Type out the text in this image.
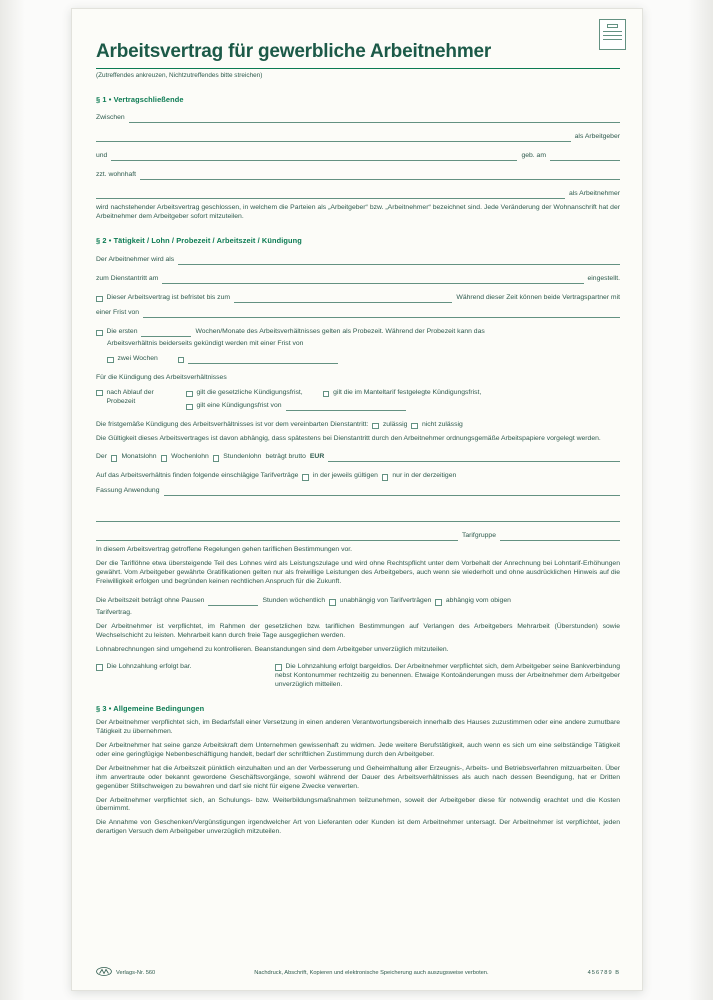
Arbeitsvertrag für gewerbliche Arbeitnehmer
(Zutreffendes ankreuzen, Nichtzutreffendes bitte streichen)
§ 1 • Vertragschließende
Zwischen
als Arbeitgeber
und	geb. am
zzt. wohnhaft
als Arbeitnehmer

wird nachstehender Arbeitsvertrag geschlossen, in welchem die Parteien als „Arbeitgeber“ bzw. „Arbeitnehmer“ bezeichnet sind. Jede Veränderung der Wohnanschrift hat der Arbeitnehmer dem Arbeitgeber sofort mitzuteilen.

§ 2 • Tätigkeit / Lohn / Probezeit / Arbeitszeit / Kündigung
Der Arbeitnehmer wird als
zum Dienstantritt am	eingestellt.
Dieser Arbeitsvertrag ist befristet bis zum	Während dieser Zeit können beide Vertragspartner mit
einer Frist von
Die ersten	Wochen/Monate des Arbeitsverhältnisses gelten als Probezeit. Während der Probezeit kann das
Arbeitsverhältnis beiderseits gekündigt werden mit einer Frist von
zwei Wochen
Für die Kündigung des Arbeitsverhältnisses
nach Ablauf der Probezeit
gilt die gesetzliche Kündigungsfrist,	gilt die im Manteltarif festgelegte Kündigungsfrist,
gilt eine Kündigungsfrist von
Die fristgemäße Kündigung des Arbeitsverhältnisses ist vor dem vereinbarten Dienstantritt: zulässig nicht zulässig

Die Gültigkeit dieses Arbeitsvertrages ist davon abhängig, dass spätestens bei Dienstantritt durch den Arbeitnehmer ordnungsgemäße Arbeitspapiere vorgelegt werden.

Der Monatslohn Wochenlohn Stundenlohn beträgt brutto EUR
Auf das Arbeitsverhältnis finden folgende einschlägige Tarifverträge in der jeweils gültigen nur in der derzeitigen
Fassung Anwendung
Tarifgruppe

In diesem Arbeitsvertrag getroffene Regelungen gehen tariflichen Bestimmungen vor.

Der die Tariflöhne etwa übersteigende Teil des Lohnes wird als Leistungszulage und wird ohne Rechtspflicht unter dem Vorbehalt der Anrechnung bei Lohntarif-Erhöhungen gewährt. Vom Arbeitgeber gewährte Gratifikationen gelten nur als freiwillige Leistungen des Arbeitgebers, auch wenn sie wiederholt und ohne ausdrücklichen Hinweis auf die Freiwilligkeit erfolgen und begründen keinen rechtlichen Anspruch für die Zukunft.

Die Arbeitszeit beträgt ohne Pausen	Stunden wöchentlich unabhängig von Tarifverträgen abhängig vom obigen
Tarifvertrag.

Der Arbeitnehmer ist verpflichtet, im Rahmen der gesetzlichen bzw. tariflichen Bestimmungen auf Verlangen des Arbeitgebers Mehrarbeit (Überstunden) sowie Wechselschicht zu leisten. Mehrarbeit kann durch freie Tage ausgeglichen werden.

Lohnabrechnungen sind umgehend zu kontrollieren. Beanstandungen sind dem Arbeitgeber unverzüglich mitzuteilen.

Die Lohnzahlung erfolgt bar.	Die Lohnzahlung erfolgt bargeldlos. Der Arbeitnehmer verpflichtet sich, dem Arbeitgeber seine Bankverbindung nebst Kontonummer rechtzeitig zu benennen. Etwaige Kontoänderungen muss der Arbeitnehmer dem Arbeitgeber unverzüglich mitteilen.
§ 3 • Allgemeine Bedingungen

Der Arbeitnehmer verpflichtet sich, im Bedarfsfall einer Versetzung in einen anderen Verantwortungsbereich innerhalb des Hauses zuzustimmen oder eine andere zumutbare Tätigkeit zu übernehmen.

Der Arbeitnehmer hat seine ganze Arbeitskraft dem Unternehmen gewissenhaft zu widmen. Jede weitere Berufstätigkeit, auch wenn es sich um eine selbständige Tätigkeit oder eine geringfügige Nebenbeschäftigung handelt, bedarf der schriftlichen Zustimmung durch den Arbeitgeber.

Der Arbeitnehmer hat die Arbeitszeit pünktlich einzuhalten und an der Verbesserung und Geheimhaltung aller Erzeugnis-, Arbeits- und Betriebsverfahren mitzuarbeiten. Über ihm anvertraute oder bekannt gewordene Geschäftsvorgänge, sowohl während der Dauer des Arbeitsverhältnisses als auch nach dessen Beendigung, hat er Dritten gegenüber Stillschweigen zu bewahren und darf sie nicht für eigene Zwecke verwerten.

Der Arbeitnehmer verpflichtet sich, an Schulungs- bzw. Weiterbildungsmaßnahmen teilzunehmen, soweit der Arbeitgeber diese für notwendig erachtet und die Kosten übernimmt.

Die Annahme von Geschenken/Vergünstigungen irgendwelcher Art von Lieferanten oder Kunden ist dem Arbeitnehmer untersagt. Der Arbeitnehmer ist verpflichtet, jeden derartigen Versuch dem Arbeitgeber unverzüglich mitzuteilen.

Verlags-Nr. 560	Nachdruck, Abschrift, Kopieren und elektronische Speicherung auch auszugsweise verboten.	456789 B
